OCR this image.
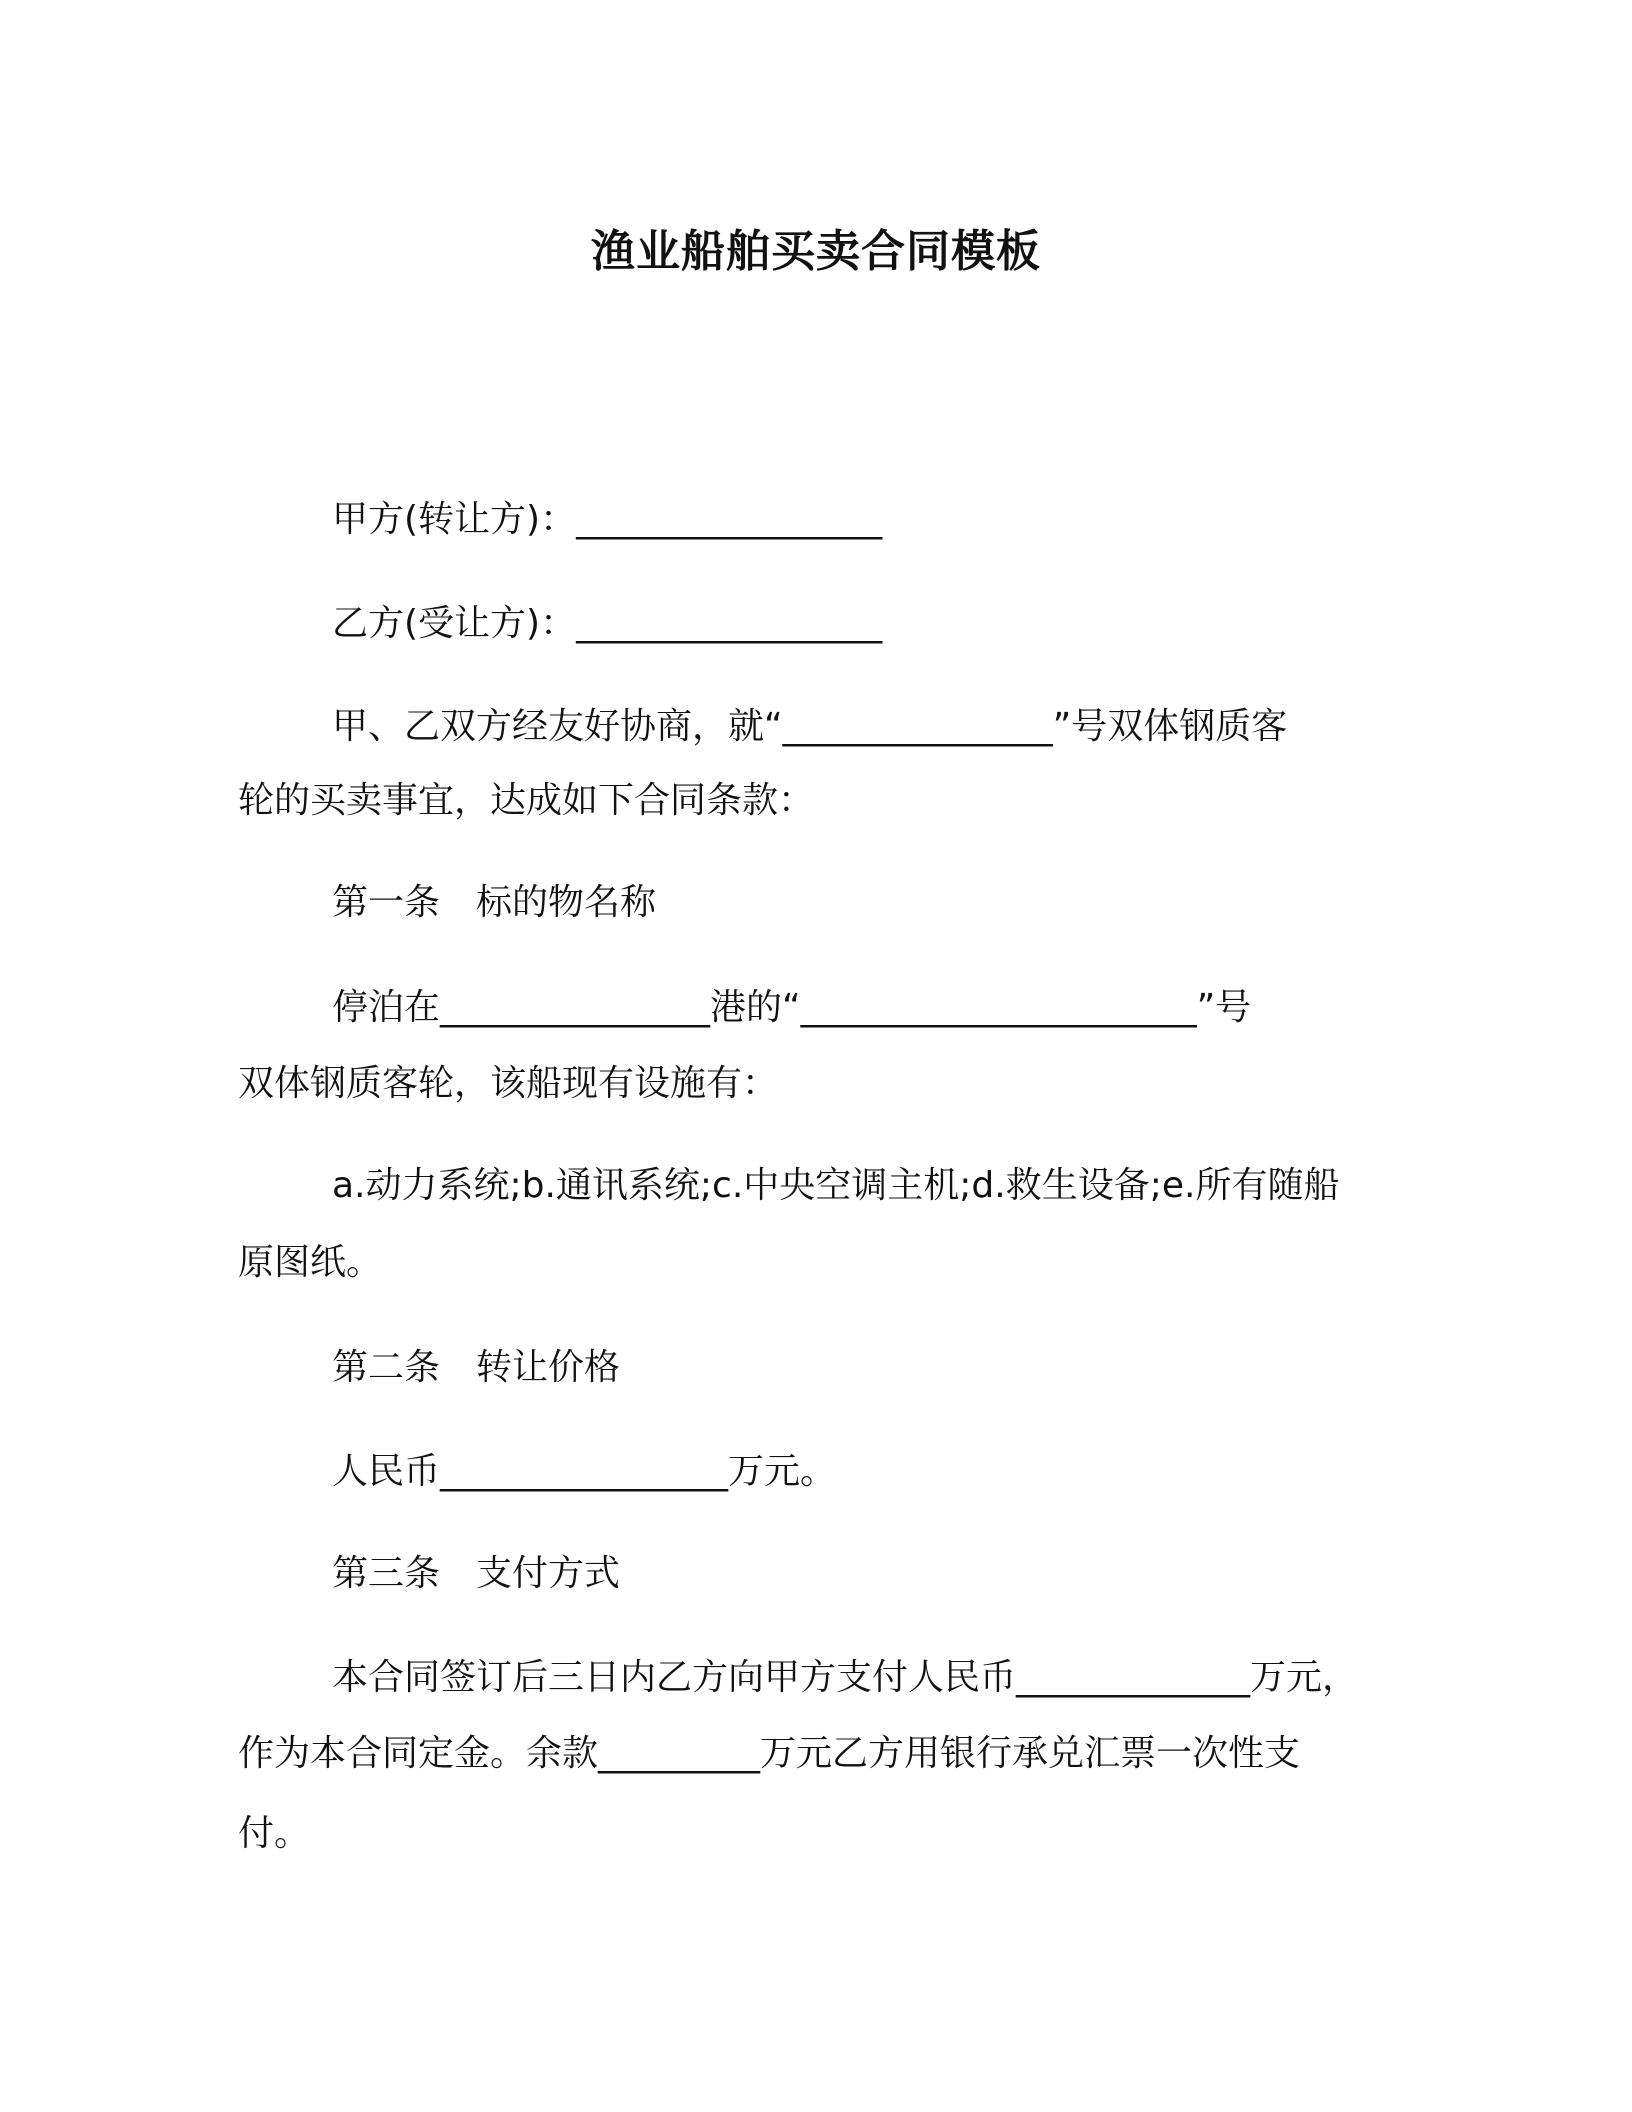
渔业船舶买卖合同模板
甲方(转让方)：_________________
乙方(受让方)：_________________
甲、乙双方经友好协商，就“_______________”号双体钢质客
轮的买卖事宜，达成如下合同条款：
第一条　标的物名称
停泊在_______________港的“______________________”号
双体钢质客轮，该船现有设施有：
a.动力系统;b.通讯系统;c.中央空调主机;d.救生设备;e.所有随船
原图纸。
第二条　转让价格
人民币________________万元。
第三条　支付方式
本合同签订后三日内乙方向甲方支付人民币_____________万元，
作为本合同定金。余款_________万元乙方用银行承兑汇票一次性支
付。
